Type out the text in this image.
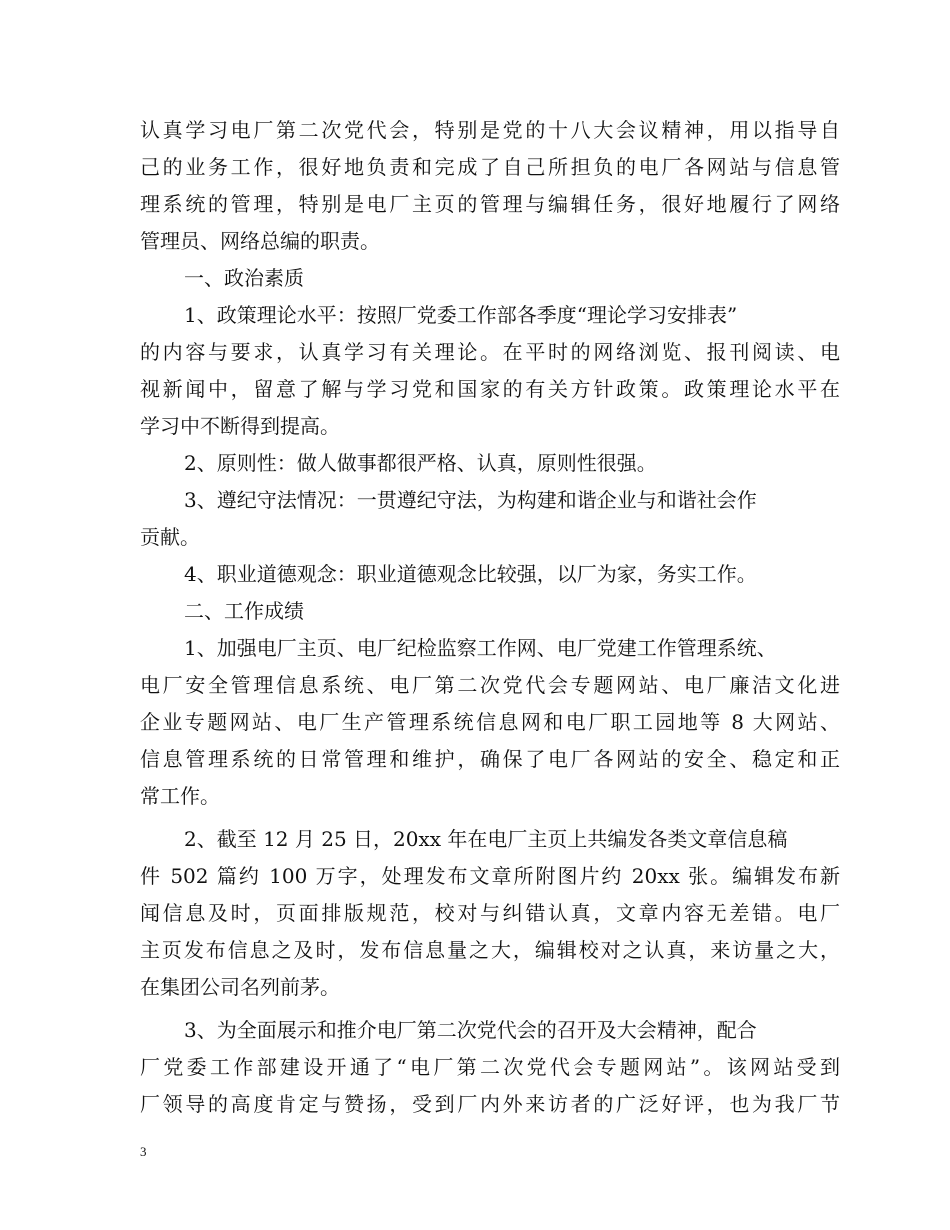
认真学习电厂第二次党代会，特别是党的十八大会议精神，用以指导自
己的业务工作，很好地负责和完成了自己所担负的电厂各网站与信息管
理系统的管理，特别是电厂主页的管理与编辑任务，很好地履行了网络
管理员、网络总编的职责。
一、政治素质
1、政策理论水平：按照厂党委工作部各季度“理论学习安排表”
的内容与要求，认真学习有关理论。在平时的网络浏览、报刊阅读、电
视新闻中，留意了解与学习党和国家的有关方针政策。政策理论水平在
学习中不断得到提高。
2、原则性：做人做事都很严格、认真，原则性很强。
3、遵纪守法情况：一贯遵纪守法，为构建和谐企业与和谐社会作
贡献。
4、职业道德观念：职业道德观念比较强，以厂为家，务实工作。
二、工作成绩
1、加强电厂主页、电厂纪检监察工作网、电厂党建工作管理系统、
电厂安全管理信息系统、电厂第二次党代会专题网站、电厂廉洁文化进
企业专题网站、电厂生产管理系统信息网和电厂职工园地等 8 大网站、
信息管理系统的日常管理和维护，确保了电厂各网站的安全、稳定和正
常工作。
2、截至 12 月 25 日，20xx 年在电厂主页上共编发各类文章信息稿
件 502 篇约 100 万字，处理发布文章所附图片约 20xx 张。编辑发布新
闻信息及时，页面排版规范，校对与纠错认真，文章内容无差错。电厂
主页发布信息之及时，发布信息量之大，编辑校对之认真，来访量之大，
在集团公司名列前茅。
3、为全面展示和推介电厂第二次党代会的召开及大会精神，配合
厂党委工作部建设开通了“电厂第二次党代会专题网站”。该网站受到
厂领导的高度肯定与赞扬，受到厂内外来访者的广泛好评，也为我厂节
3
